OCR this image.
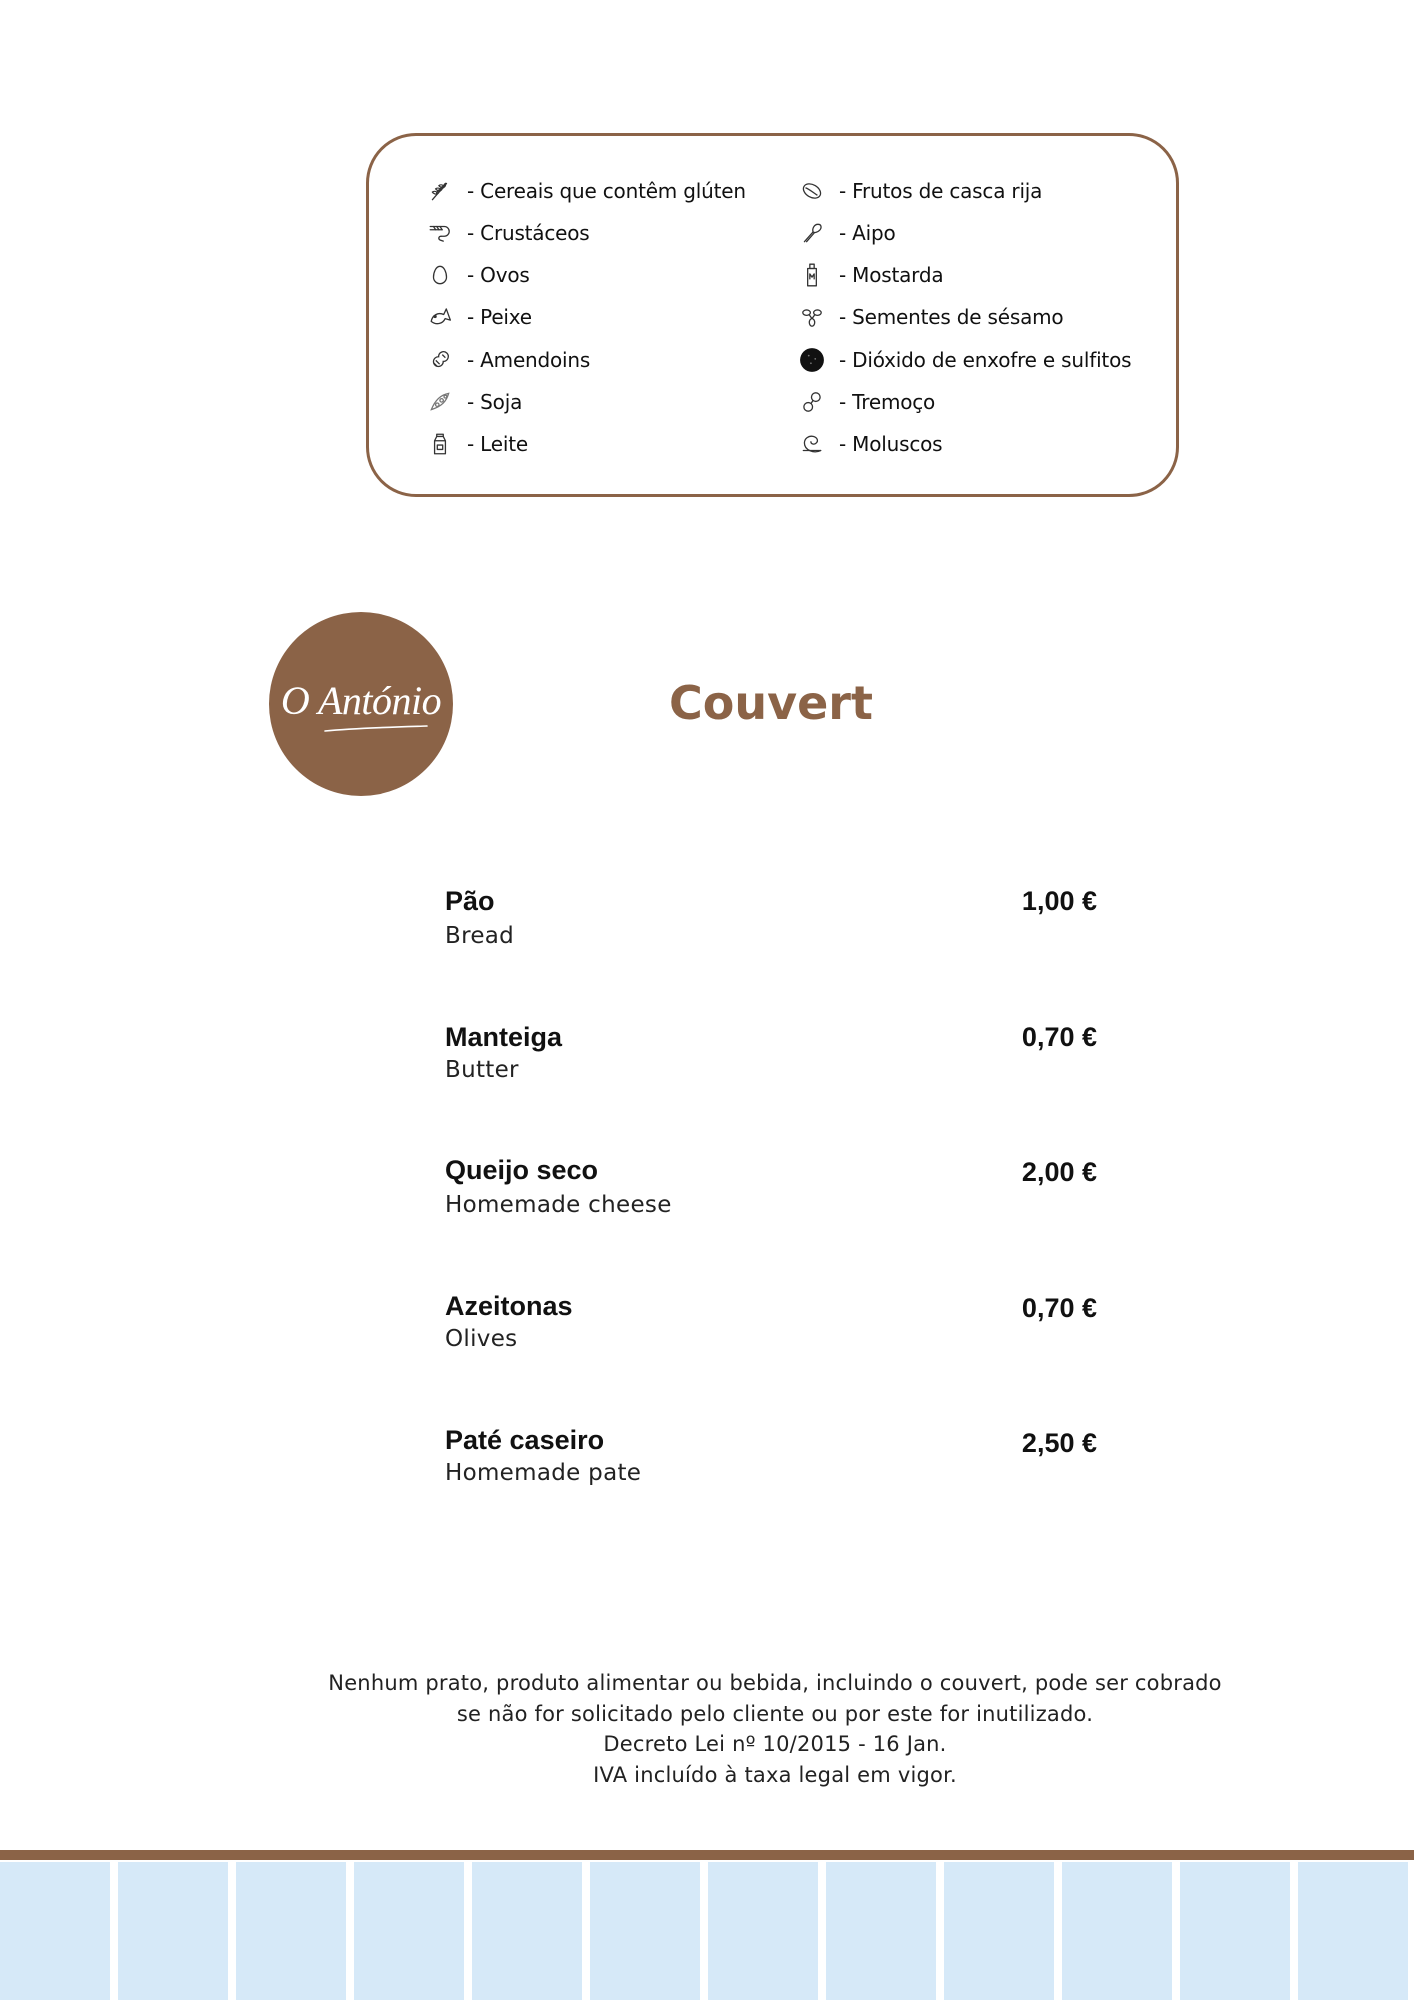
- Cereais que contêm glúten
- Crustáceos
- Ovos
- Peixe
- Amendoins
- Soja
- Leite
- Frutos de casca rija
- Aipo
- Mostarda
- Sementes de sésamo
- Dióxido de enxofre e sulfitos
- Tremoço
- Moluscos
O António	Couvert
Pão
Bread
1,00 €
Manteiga
Butter
0,70 €
Queijo seco
Homemade cheese
2,00 €
Azeitonas
Olives
0,70 €
Paté caseiro
Homemade pate
2,50 €
Nenhum prato, produto alimentar ou bebida, incluindo o couvert, pode ser cobrado
se não for solicitado pelo cliente ou por este for inutilizado.
Decreto Lei nº 10/2015 - 16 Jan.
IVA incluído à taxa legal em vigor.
